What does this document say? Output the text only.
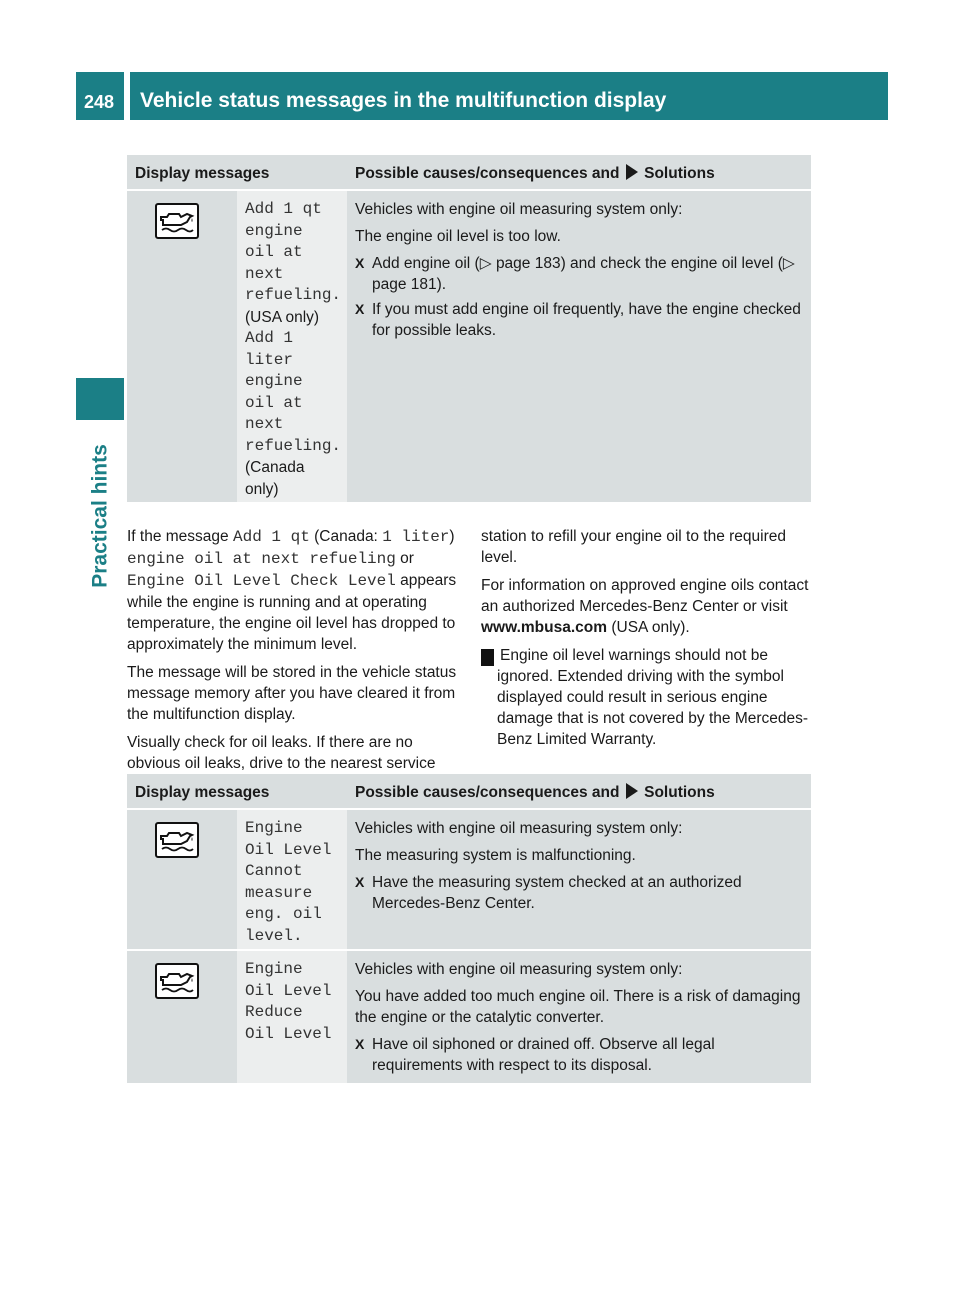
248 Vehicle status messages in the multifunction display
Practical hints
Display messages	Possible causes/consequences and Solutions
Add 1 qt
engine
oil at
next
refueling.
(USA only)
Add 1
liter
engine
oil at
next
refueling.
(Canada
only)

Vehicles with engine oil measuring system only:

The engine oil level is too low.

X Add engine oil (▷ page 183) and check the engine oil level (▷ page 181).
X If you must add engine oil frequently, have the engine checked for possible leaks.

If the message Add 1 qt (Canada: 1 liter)
engine oil at next refueling or
Engine Oil Level Check Level appears while the engine is running and at operating temperature, the engine oil level has dropped to approximately the minimum level.

The message will be stored in the vehicle status message memory after you have cleared it from the multifunction display.

Visually check for oil leaks. If there are no obvious oil leaks, drive to the nearest service

station to refill your engine oil to the required level.

For information on approved engine oils contact an authorized Mercedes-Benz Center or visit www.mbusa.com (USA only).

! Engine oil level warnings should not be ignored. Extended driving with the symbol displayed could result in serious engine damage that is not covered by the Mercedes-Benz Limited Warranty.

Display messages	Possible causes/consequences and Solutions
Engine
Oil Level
Cannot
measure
eng. oil
level.

Vehicles with engine oil measuring system only:

The measuring system is malfunctioning.

X Have the measuring system checked at an authorized Mercedes-Benz Center.
Engine
Oil Level
Reduce
Oil Level

Vehicles with engine oil measuring system only:

You have added too much engine oil. There is a risk of damaging the engine or the catalytic converter.

X Have oil siphoned or drained off. Observe all legal requirements with respect to its disposal.
